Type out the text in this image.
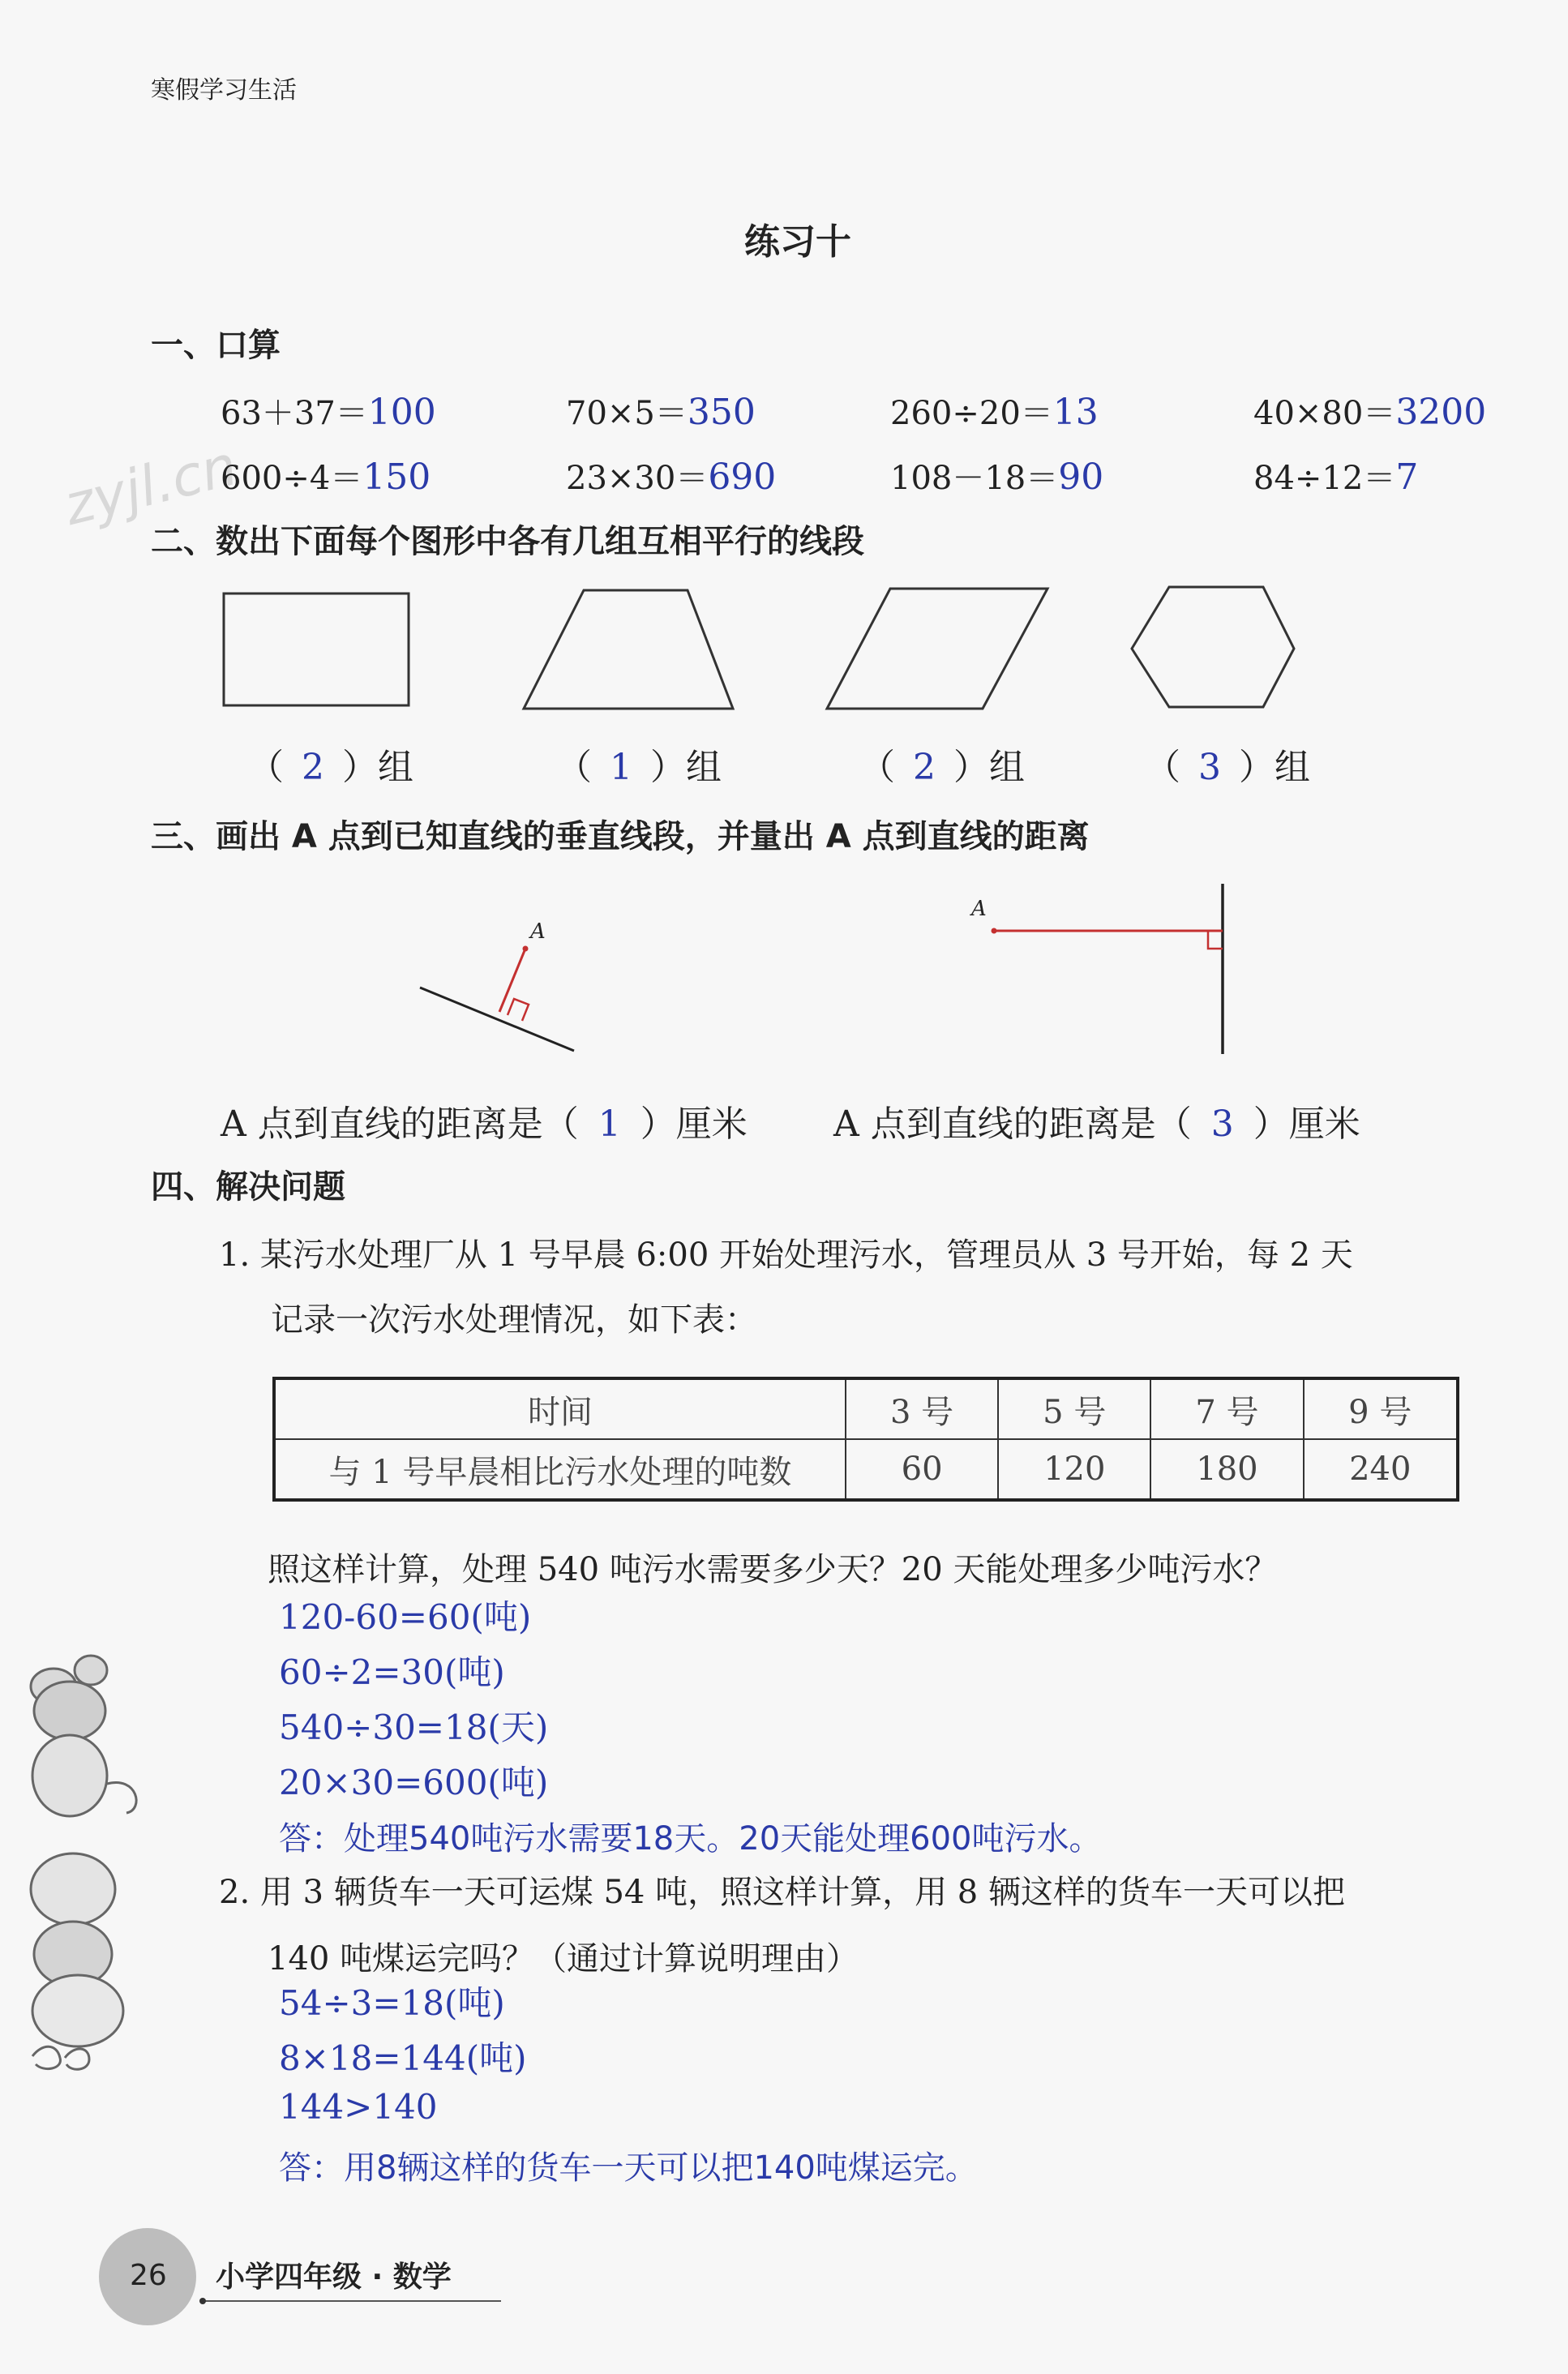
寒假学习生活
练习十
zyjl.cn
一、口算
63＋37＝100	70×5＝350	260÷20＝13	40×80＝3200
600÷4＝150	23×30＝690	108－18＝90	84÷12＝7
二、数出下面每个图形中各有几组互相平行的线段
（ 2 ）组	（ 1 ）组	（ 2 ）组	（ 3 ）组
三、画出 A 点到已知直线的垂直线段，并量出 A 点到直线的距离
A
A
A 点到直线的距离是（ 1 ）厘米 A 点到直线的距离是（ 3 ）厘米
四、解决问题
1. 某污水处理厂从 1 号早晨 6:00 开始处理污水，管理员从 3 号开始，每 2 天
记录一次污水处理情况，如下表：
时间	3 号	5 号	7 号	9 号
与 1 号早晨相比污水处理的吨数	60	120	180	240
照这样计算，处理 540 吨污水需要多少天？20 天能处理多少吨污水？
120-60=60(吨)
60÷2=30(吨)
540÷30=18(天)
20×30=600(吨)
答：处理540吨污水需要18天。20天能处理600吨污水。
2. 用 3 辆货车一天可运煤 54 吨，照这样计算，用 8 辆这样的货车一天可以把
140 吨煤运完吗？（通过计算说明理由）
54÷3=18(吨)
8×18=144(吨)
144>140
答：用8辆这样的货车一天可以把140吨煤运完。
26 小学四年级 · 数学
